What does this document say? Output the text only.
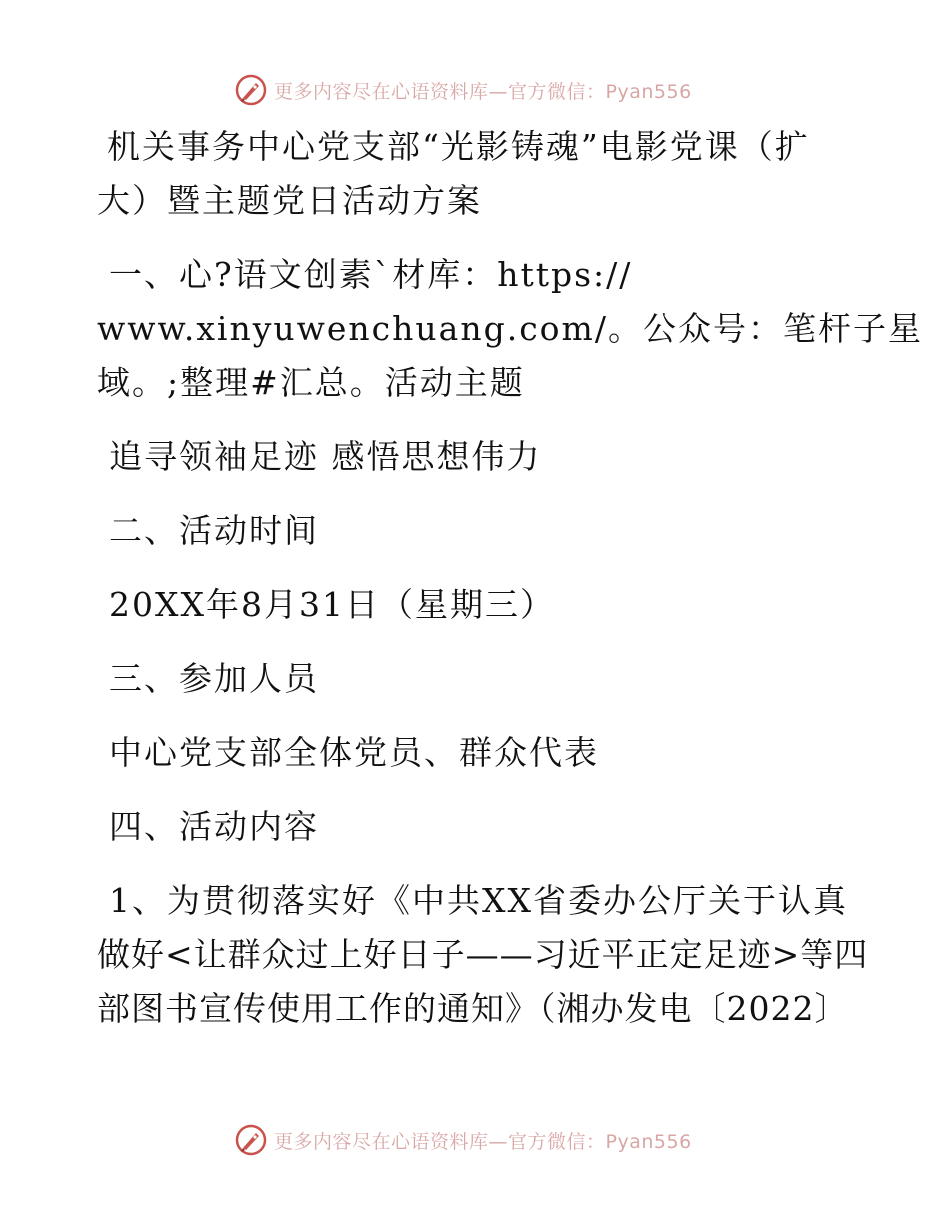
更多内容尽在心语资料库—官方微信：Pyan556

机关事务中心党支部“光影铸魂”电影党课（扩

大）暨主题党日活动方案

一、心?语文创素`材库：https://

www.xinyuwenchuang.com/。公众号：笔杆子星

域。;整理#汇总。活动主题

追寻领袖足迹 感悟思想伟力

二、活动时间

20XX年8月31日（星期三）

三、参加人员

中心党支部全体党员、群众代表

四、活动内容

1、为贯彻落实好《中共XX省委办公厅关于认真

做好<让群众过上好日子——习近平正定足迹>等四

部图书宣传使用工作的通知》（湘办发电〔2022〕

更多内容尽在心语资料库—官方微信：Pyan556
